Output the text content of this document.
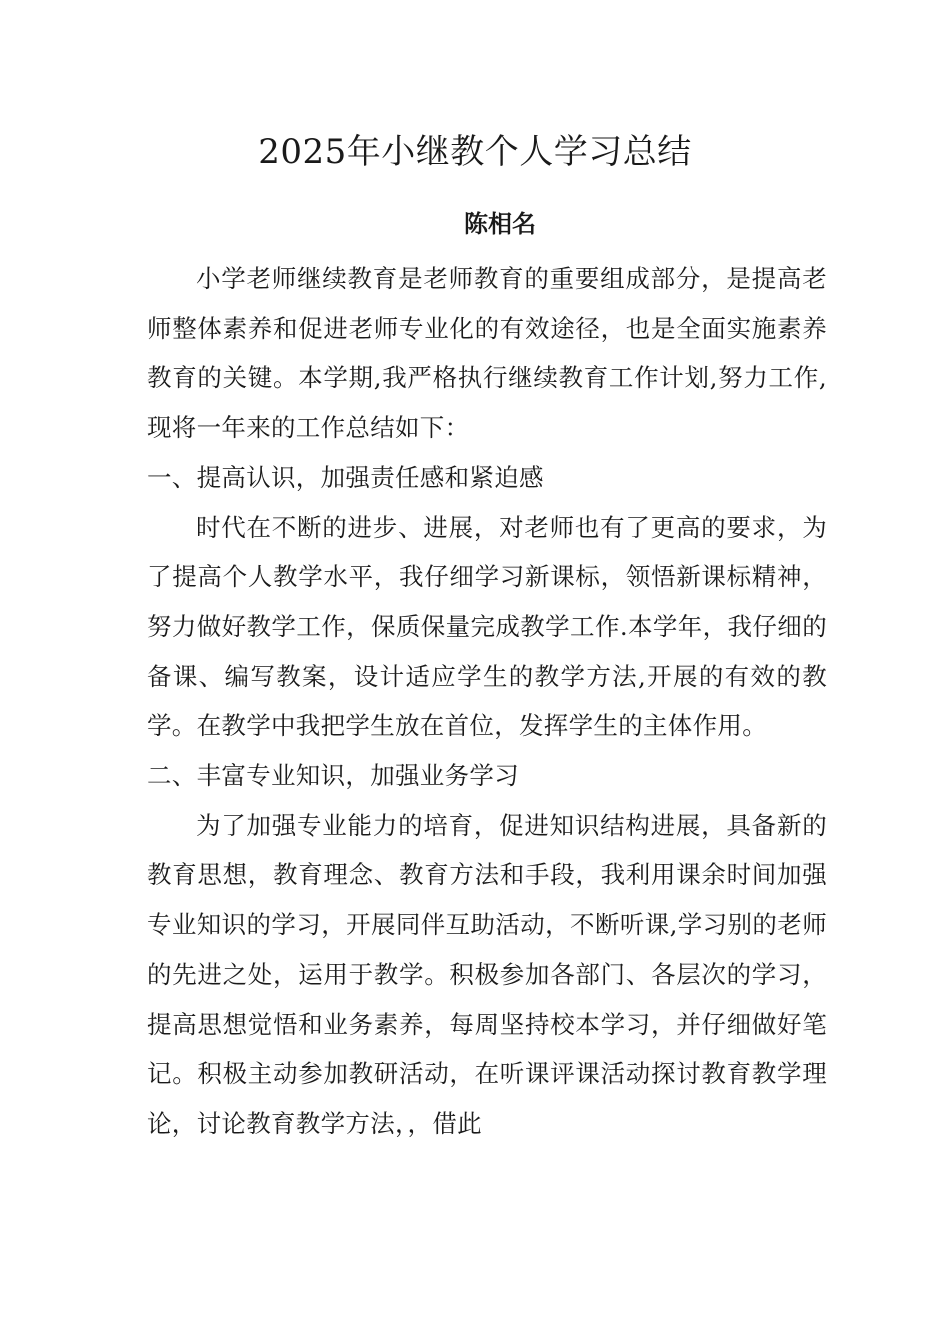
2025年小继教个人学习总结
陈相名

小学老师继续教育是老师教育的重要组成部分，是提高老师整体素养和促进老师专业化的有效途径，也是全面实施素养教育的关键。本学期,我严格执行继续教育工作计划,努力工作,现将一年来的工作总结如下：

一、提高认识，加强责任感和紧迫感

时代在不断的进步、进展，对老师也有了更高的要求，为了提高个人教学水平，我仔细学习新课标，领悟新课标精神，努力做好教学工作，保质保量完成教学工作.本学年，我仔细的备课、编写教案，设计适应学生的教学方法,开展的有效的教学。在教学中我把学生放在首位，发挥学生的主体作用。

二、丰富专业知识，加强业务学习

为了加强专业能力的培育，促进知识结构进展，具备新的教育思想，教育理念、教育方法和手段，我利用课余时间加强专业知识的学习，开展同伴互助活动，不断听课,学习别的老师的先进之处，运用于教学。积极参加各部门、各层次的学习，提高思想觉悟和业务素养，每周坚持校本学习，并仔细做好笔记。积极主动参加教研活动，在听课评课活动探讨教育教学理论，讨论教育教学方法，，借此
